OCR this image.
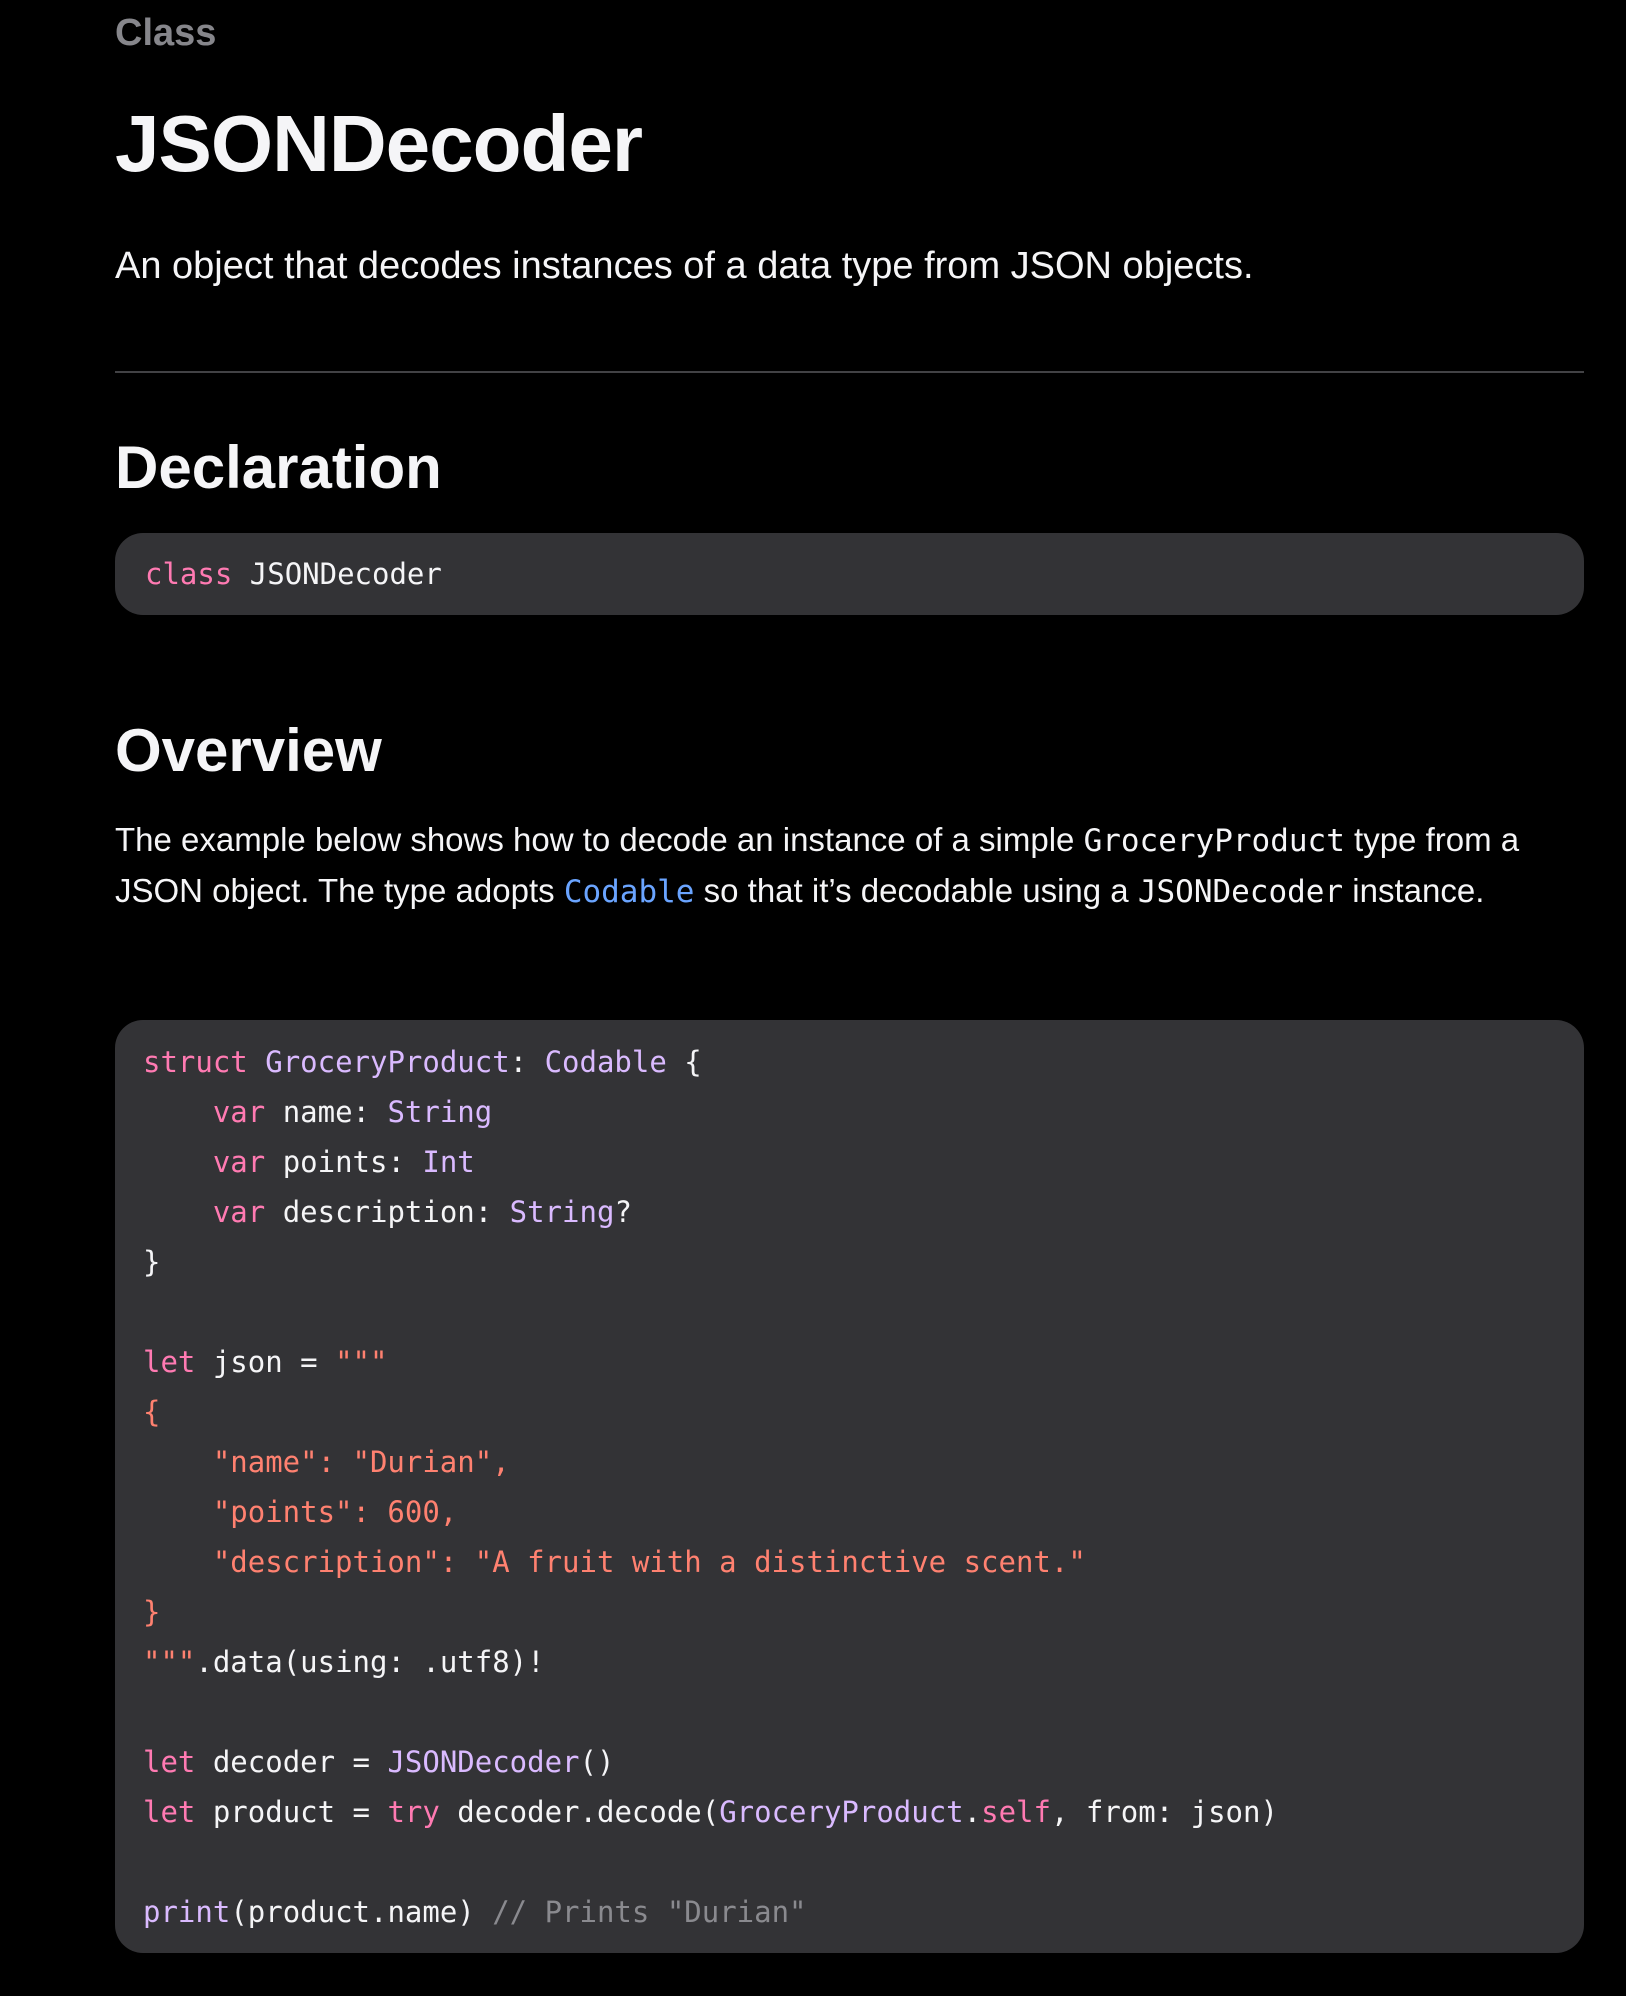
Class
JSONDecoder

An object that decodes instances of a data type from JSON objects.

Declaration
class JSONDecoder
Overview

The example below shows how to decode an instance of a simple GroceryProduct type from a JSON object. The type adopts Codable so that it’s decodable using a JSONDecoder instance.

struct GroceryProduct: Codable {
var name: String
var points: Int
var description: String?
}
let json = """
{
"name": "Durian",
"points": 600,
"description": "A fruit with a distinctive scent."
}
""".data(using: .utf8)!
let decoder = JSONDecoder()
let product = try decoder.decode(GroceryProduct.self, from: json)
print(product.name) // Prints "Durian"
